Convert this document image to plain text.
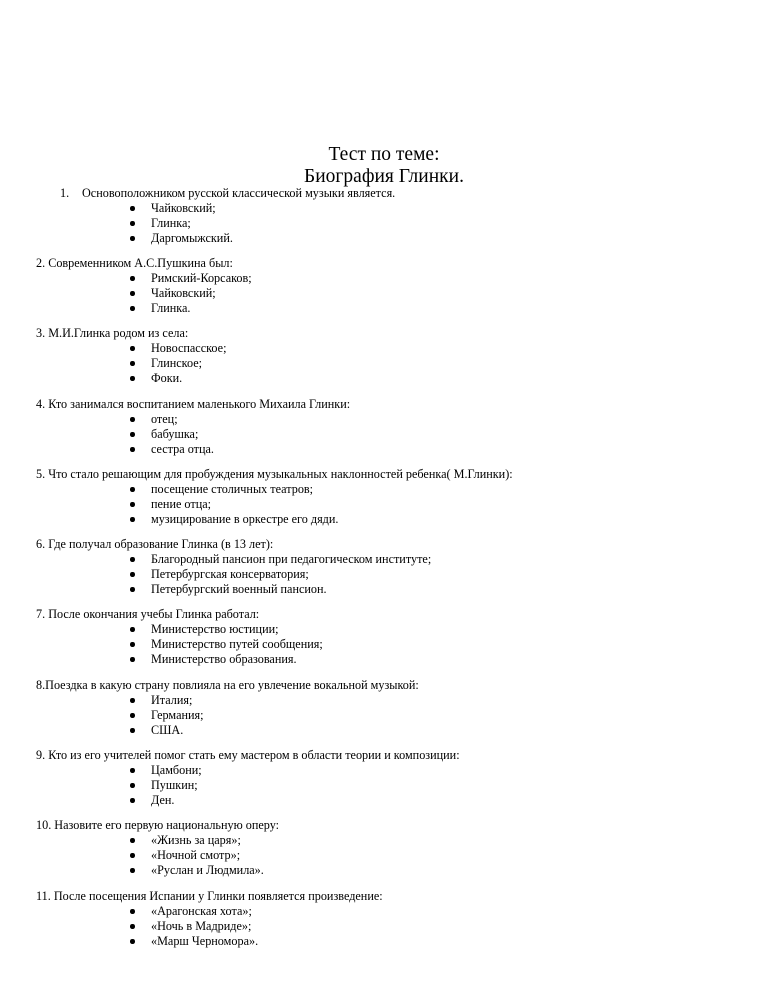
Тест по теме:
Биография Глинки.
1. Основоположником русской классической музыки является.
Чайковский;
Глинка;
Даргомыжский.
2. Современником А.С.Пушкина был:
Римский-Корсаков;
Чайковский;
Глинка.
3. М.И.Глинка родом из села:
Новоспасское;
Глинское;
Фоки.
4. Кто занимался воспитанием маленького Михаила Глинки:
отец;
бабушка;
сестра отца.
5. Что стало решающим для пробуждения музыкальных наклонностей ребенка( М.Глинки):
посещение столичных театров;
пение отца;
музицирование в оркестре его дяди.
6. Где получал образование Глинка (в 13 лет):
Благородный пансион при педагогическом институте;
Петербургская консерватория;
Петербургский военный пансион.
7. После окончания учебы Глинка работал:
Министерство юстиции;
Министерство путей сообщения;
Министерство образования.
8.Поездка в какую страну повлияла на его увлечение вокальной музыкой:
Италия;
Германия;
США.
9. Кто из его учителей помог стать ему мастером в области теории и композиции:
Цамбони;
Пушкин;
Ден.
10. Назовите его первую национальную оперу:
«Жизнь за царя»;
«Ночной смотр»;
«Руслан и Людмила».
11. После посещения Испании у Глинки появляется произведение:
«Арагонская хота»;
«Ночь в Мадриде»;
«Марш Черномора».
